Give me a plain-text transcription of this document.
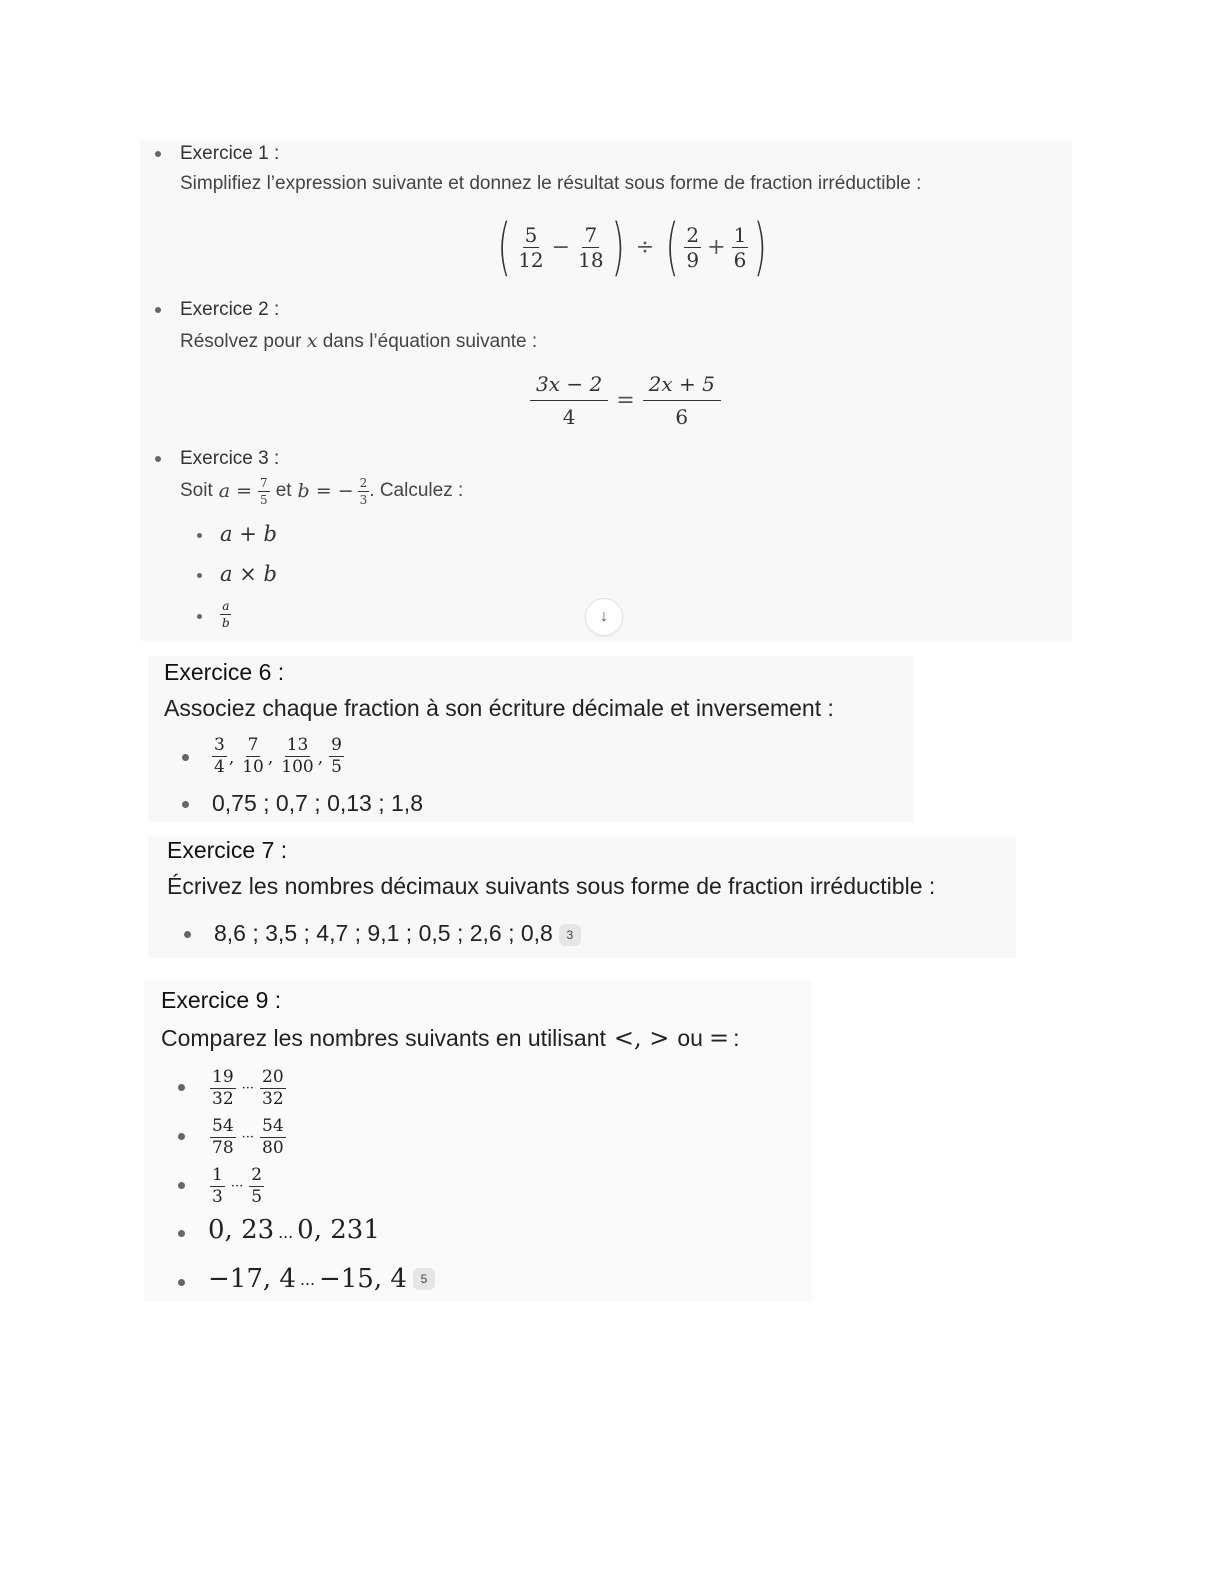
Exercice 1 :
Simplifiez l’expression suivante et donnez le résultat sous forme de fraction irréductible :
( $\frac{5}{12} - \frac{7}{18}$ ) ÷ ( $\frac{2}{9} + \frac{1}{6}$ )
Exercice 2 :
Résolvez pour x dans l’équation suivante :
$\frac{3x - 2}{4} = \frac{2x + 5}{6}$
Exercice 3 :
Soit $a = \frac{7}{5}$ et b = − $\frac{2}{3}$ . Calculez :
a + b
a × b
$\frac{a}{b}$	↓
Exercice 6 :
Associez chaque fraction à son écriture décimale et inversement :
$\frac{3}{4}$ , $\frac{7}{10}$ , $\frac{13}{100}$ , $\frac{9}{5}$
0,75 ; 0,7 ; 0,13 ; 1,8
Exercice 7 :
Écrivez les nombres décimaux suivants sous forme de fraction irréductible :
8,6 ; 3,5 ; 4,7 ; 9,1 ; 0,5 ; 2,6 ; 0,8 3
Exercice 9 :
Comparez les nombres suivants en utilisant <, > ou = :
$\frac{19}{32}$ ··· $\frac{20}{32}$
$\frac{54}{78}$ ··· $\frac{54}{80}$
$\frac{1}{3}$ ··· $\frac{2}{5}$
0, 23 ... 0, 231
−17, 4 ... −15, 4	5
